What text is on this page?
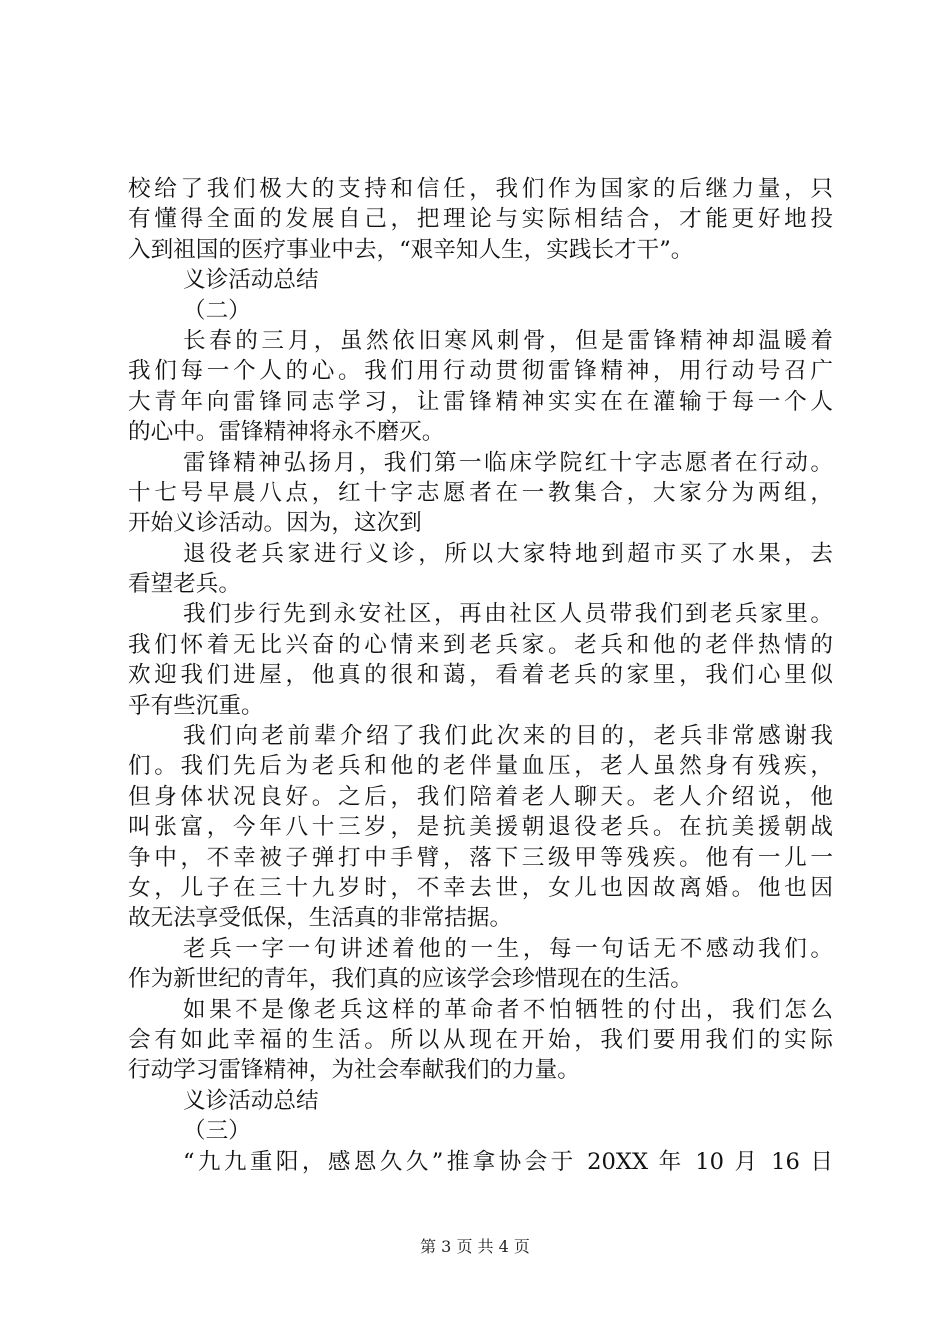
校给了我们极大的支持和信任，我们作为国家的后继力量，只
有懂得全面的发展自己，把理论与实际相结合，才能更好地投
入到祖国的医疗事业中去，“艰辛知人生，实践长才干”。
义诊活动总结
（二）
长春的三月，虽然依旧寒风刺骨，但是雷锋精神却温暖着
我们每一个人的心。我们用行动贯彻雷锋精神，用行动号召广
大青年向雷锋同志学习，让雷锋精神实实在在灌输于每一个人
的心中。雷锋精神将永不磨灭。
雷锋精神弘扬月，我们第一临床学院红十字志愿者在行动。
十七号早晨八点，红十字志愿者在一教集合，大家分为两组，
开始义诊活动。因为，这次到
退役老兵家进行义诊，所以大家特地到超市买了水果，去
看望老兵。
我们步行先到永安社区，再由社区人员带我们到老兵家里。
我们怀着无比兴奋的心情来到老兵家。老兵和他的老伴热情的
欢迎我们进屋，他真的很和蔼，看着老兵的家里，我们心里似
乎有些沉重。
我们向老前辈介绍了我们此次来的目的，老兵非常感谢我
们。我们先后为老兵和他的老伴量血压，老人虽然身有残疾，
但身体状况良好。之后，我们陪着老人聊天。老人介绍说，他
叫张富，今年八十三岁，是抗美援朝退役老兵。在抗美援朝战
争中，不幸被子弹打中手臂，落下三级甲等残疾。他有一儿一
女，儿子在三十九岁时，不幸去世，女儿也因故离婚。他也因
故无法享受低保，生活真的非常拮据。
老兵一字一句讲述着他的一生，每一句话无不感动我们。
作为新世纪的青年，我们真的应该学会珍惜现在的生活。
如果不是像老兵这样的革命者不怕牺牲的付出，我们怎么
会有如此幸福的生活。所以从现在开始，我们要用我们的实际
行动学习雷锋精神，为社会奉献我们的力量。
义诊活动总结
（三）
“九九重阳，感恩久久”推拿协会于 20XX 年 10 月 16 日
第 3 页 共 4 页
